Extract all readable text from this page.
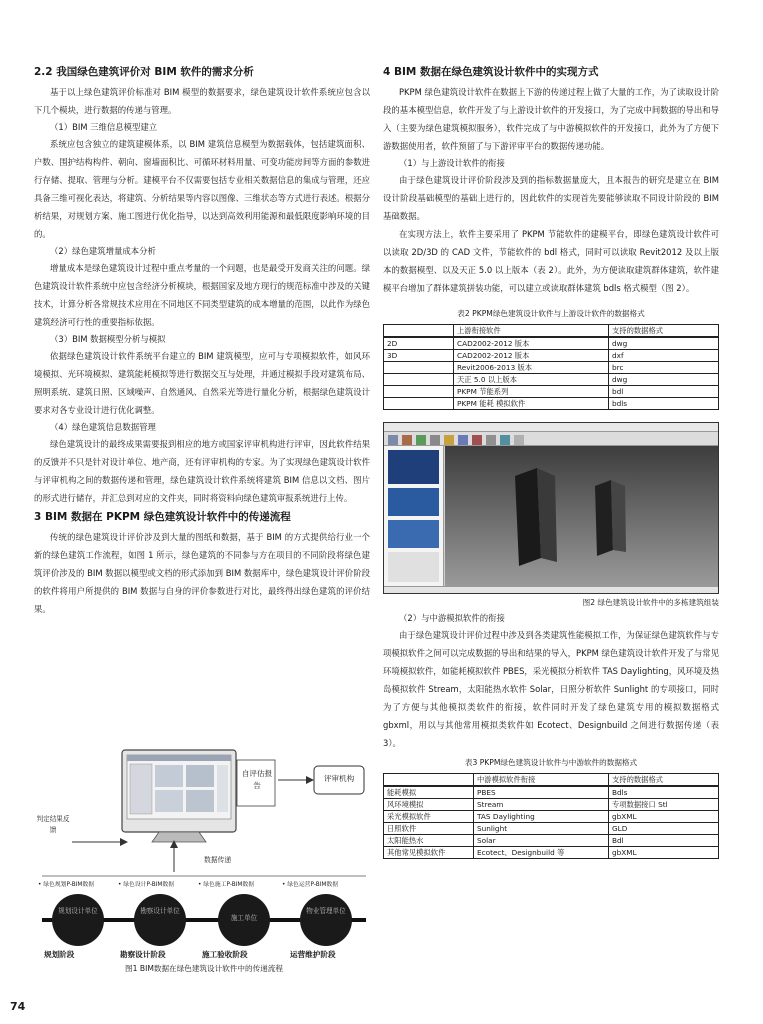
2.2 我国绿色建筑评价对 BIM 软件的需求分析

基于以上绿色建筑评价标准对 BIM 模型的数据要求，绿色建筑设计软件系统应包含以下几个模块，进行数据的传递与管理。

（1）BIM 三维信息模型建立

系统应包含独立的建筑建模体系，以 BIM 建筑信息模型为数据载体，包括建筑面积、户数、围护结构构件、朝向、窗墙面积比、可循环材料用量、可变功能房间等方面的参数进行存储、提取、管理与分析。建模平台不仅需要包括专业相关数据信息的集成与管理，还应具备三维可视化表达，将建筑、分析结果等内容以图像、三维状态等方式进行表述。根据分析结果，对规划方案、施工图进行优化指导，以达到高效利用能源和最低限度影响环境的目的。

（2）绿色建筑增量成本分析

增量成本是绿色建筑设计过程中重点考量的一个问题，也是最受开发商关注的问题。绿色建筑设计软件系统中应包含经济分析模块，根据国家及地方现行的规范标准中涉及的关键技术，计算分析各常规技术应用在不同地区不同类型建筑的成本增量的范围，以此作为绿色建筑经济可行性的重要指标依据。

（3）BIM 数据模型分析与模拟

依据绿色建筑设计软件系统平台建立的 BIM 建筑模型，应可与专项模拟软件，如风环境模拟、光环境模拟、建筑能耗模拟等进行数据交互与处理，并通过模拟手段对建筑布局、照明系统、建筑日照、区域噪声、自然通风、自然采光等进行量化分析，根据绿色建筑设计要求对各专业设计进行优化调整。

（4）绿色建筑信息数据管理

绿色建筑设计的最终成果需要报到相应的地方或国家评审机构进行评审，因此软件结果的反馈并不只是针对设计单位、地产商，还有评审机构的专家。为了实现绿色建筑设计软件与评审机构之间的数据传递和管理，绿色建筑设计软件系统将建筑 BIM 信息以文档、图片的形式进行储存，并汇总到对应的文件夹，同时将资料向绿色建筑审报系统进行上传。

3 BIM 数据在 PKPM 绿色建筑设计软件中的传递流程

传统的绿色建筑设计评价涉及到大量的图纸和数据，基于 BIM 的方式提供给行业一个新的绿色建筑工作流程，如图 1 所示，绿色建筑的不同参与方在项目的不同阶段将绿色建筑评价涉及的 BIM 数据以模型或文档的形式添加到 BIM 数据库中，绿色建筑设计评价阶段的软件将用户所提供的 BIM 数据与自身的评价参数进行对比，最终得出绿色建筑的评价结果。

自评估报告
评审机构
判定结果反馈
数据传递
• 绿色规划P-BIM数据	• 绿色设计P-BIM数据	• 绿色施工P-BIM数据	• 绿色运营P-BIM数据
规划设计单位	勘察设计单位
施工单位
物业管理单位
规划阶段	勘察设计阶段	施工验收阶段	运营维护阶段
图1 BIM数据在绿色建筑设计软件中的传递流程
4 BIM 数据在绿色建筑设计软件中的实现方式

PKPM 绿色建筑设计软件在数据上下游的传递过程上做了大量的工作，为了读取设计阶段的基本模型信息，软件开发了与上游设计软件的开发接口，为了完成中间数据的导出和导入（主要为绿色建筑模拟服务），软件完成了与中游模拟软件的开发接口，此外为了方便下游数据使用者，软件预留了与下游评审平台的数据传递功能。

（1）与上游设计软件的衔接

由于绿色建筑设计评价阶段涉及到的指标数据量庞大，且本报告的研究是建立在 BIM 设计阶段基础模型的基础上进行的，因此软件的实现首先要能够读取不同设计阶段的 BIM 基础数据。

在实现方法上，软件主要采用了 PKPM 节能软件的建模平台，即绿色建筑设计软件可以读取 2D/3D 的 CAD 文件，节能软件的 bdl 格式，同时可以读取 Revit2012 及以上版本的数据模型、以及天正 5.0 以上版本（表 2）。此外，为方便读取建筑群体建筑，软件建模平台增加了群体建筑拼装功能，可以建立或读取群体建筑 bdls 格式模型（图 2）。

表2 PKPM绿色建筑设计软件与上游设计软件的数据格式
	上游衔接软件	支持的数据格式
2D	CAD2002-2012 版本	dwg
3D	CAD2002-2012 版本	dxf
	Revit2006-2013 版本	brc
	天正 5.0 以上版本	dwg
	PKPM 节能系列	bdl
	PKPM 能耗 模拟软件	bdls
图2 绿色建筑设计软件中的多栋建筑组装
（2）与中游模拟软件的衔接

由于绿色建筑设计评价过程中涉及到各类建筑性能模拟工作，为保证绿色建筑软件与专项模拟软件之间可以完成数据的导出和结果的导入，PKPM 绿色建筑设计软件开发了与常见环境模拟软件，如能耗模拟软件 PBES，采光模拟分析软件 TAS Daylighting，风环境及热岛模拟软件 Stream，太阳能热水软件 Solar，日照分析软件 Sunlight 的专项接口，同时为了方便与其他模拟类软件的衔接，软件同时开发了绿色建筑专用的模拟数据格式 gbxml，用以与其他常用模拟类软件如 Ecotect、Designbuild 之间进行数据传递（表 3）。

表3 PKPM绿色建筑设计软件与中游软件的数据格式
	中游模拟软件衔接	支持的数据格式
能耗模拟	PBES	Bdls
风环境模拟	Stream	专项数据接口 Stl
采光模拟软件	TAS Daylighting	gbXML
日照软件	Sunlight	GLD
太阳能热水	Solar	Bdl
其他常见模拟软件	Ecotect、Designbuild 等	gbXML
74
